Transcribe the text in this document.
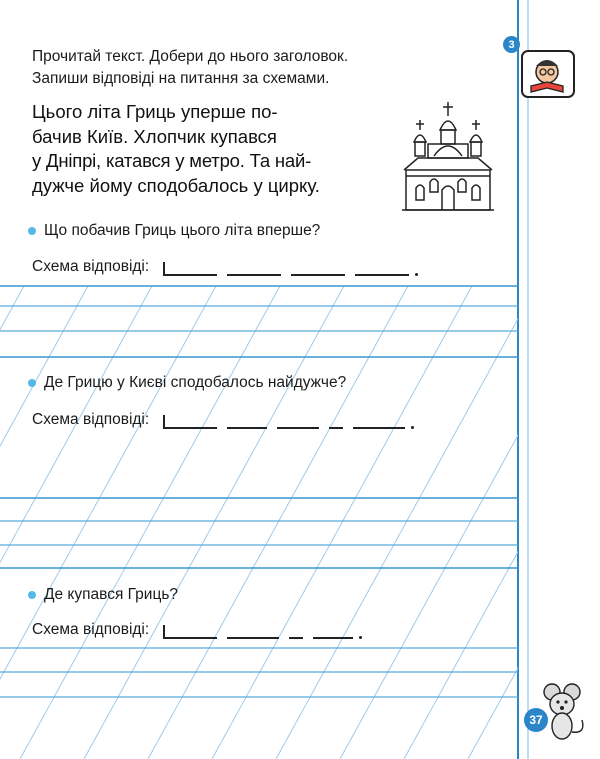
3
Прочитай текст. Добери до нього заголовок.
Запиши відповіді на питання за схемами.
Цього літа Гриць уперше по-
бачив Київ. Хлопчик купався
у Дніпрі, катався у метро. Та най-
дужче йому сподобалось у цирку.
Що побачив Гриць цього літа вперше?
Схема відповіді:
Де Грицю у Києві сподобалось найдужче?
Схема відповіді:
Де купався Гриць?
Схема відповіді:
37
